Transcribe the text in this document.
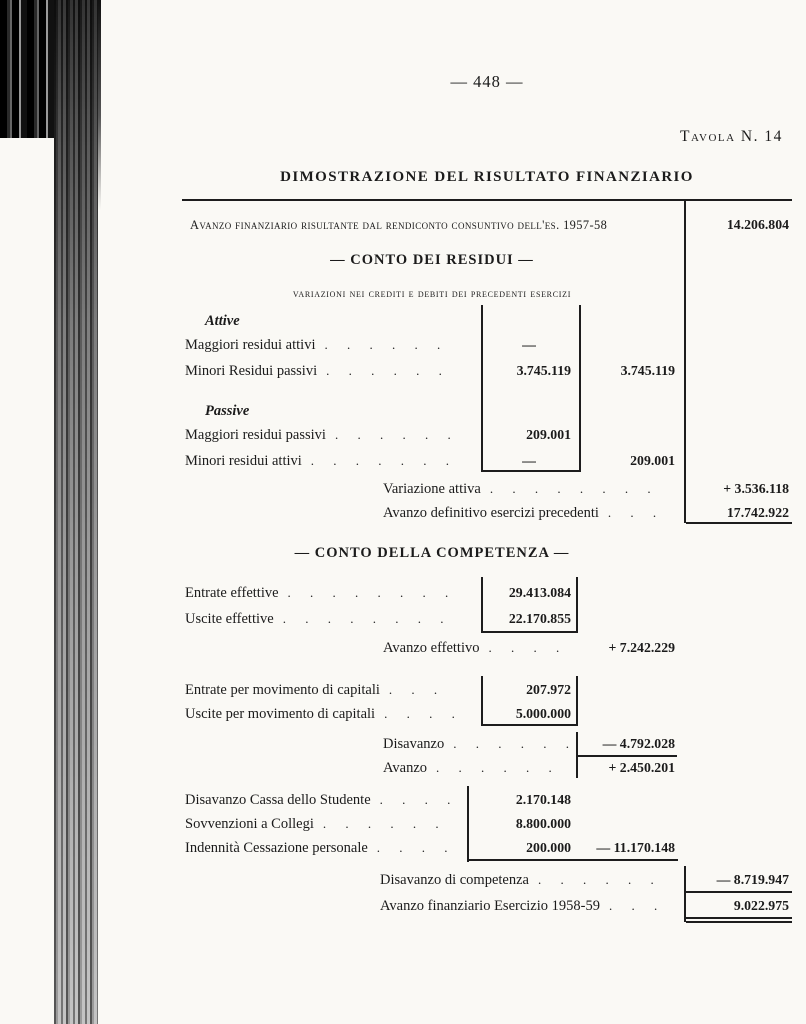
— 448 —
Tavola N. 14
DIMOSTRAZIONE DEL RISULTATO FINANZIARIO
Avanzo finanziario risultante dal rendiconto consuntivo dell'es. 1957-58	14.206.804
— CONTO DEI RESIDUI —
variazioni nei crediti e debiti dei precedenti esercizi
Attive
Maggiori residui attivi . . . . . .	—
Minori Residui passivi . . . . . .	3.745.119	3.745.119
Passive
Maggiori residui passivi . . . . . .	209.001
Minori residui attivi . . . . . . .	—	209.001
Variazione attiva . . . . . . . .	+ 3.536.118
Avanzo definitivo esercizi precedenti . . .	17.742.922
— CONTO DELLA COMPETENZA —
Entrate effettive . . . . . . . .	29.413.084
Uscite effettive . . . . . . . .	22.170.855
Avanzo effettivo . . . .	+ 7.242.229
Entrate per movimento di capitali . . .	207.972
Uscite per movimento di capitali . . . .	5.000.000
Disavanzo . . . . . .	— 4.792.028
Avanzo . . . . . .	+ 2.450.201
Disavanzo Cassa dello Studente . . . .	2.170.148
Sovvenzioni a Collegi . . . . . .	8.800.000
Indennità Cessazione personale . . . .	200.000	— 11.170.148
Disavanzo di competenza . . . . . .	— 8.719.947
Avanzo finanziario Esercizio 1958-59 . . .	9.022.975
